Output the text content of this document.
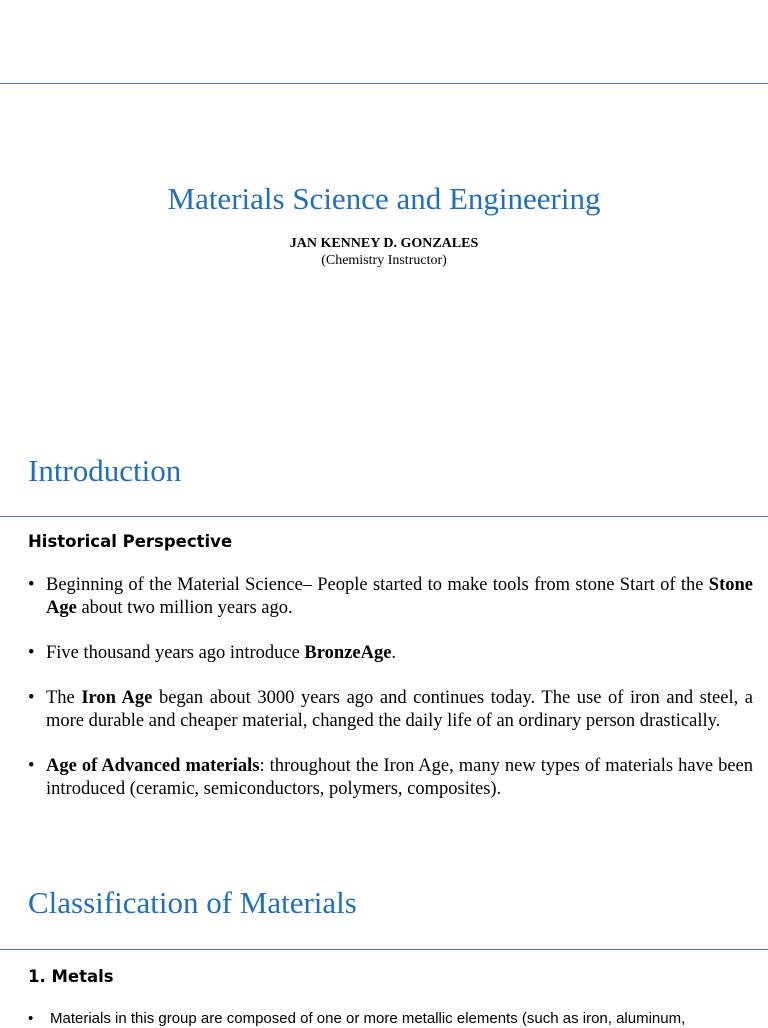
Materials Science and Engineering
JAN KENNEY D. GONZALES
(Chemistry Instructor)
Introduction
Historical Perspective
• Beginning of the Material Science– People started to make tools from stone Start of the Stone Age about two million years ago.
• Five thousand years ago introduce BronzeAge.
• The Iron Age began about 3000 years ago and continues today. The use of iron and steel, a more durable and cheaper material, changed the daily life of an ordinary person drastically.
• Age of Advanced materials: throughout the Iron Age, many new types of materials have been introduced (ceramic, semiconductors, polymers, composites).
Classification of Materials
1. Metals
• Materials in this group are composed of one or more metallic elements (such as iron, aluminum,
